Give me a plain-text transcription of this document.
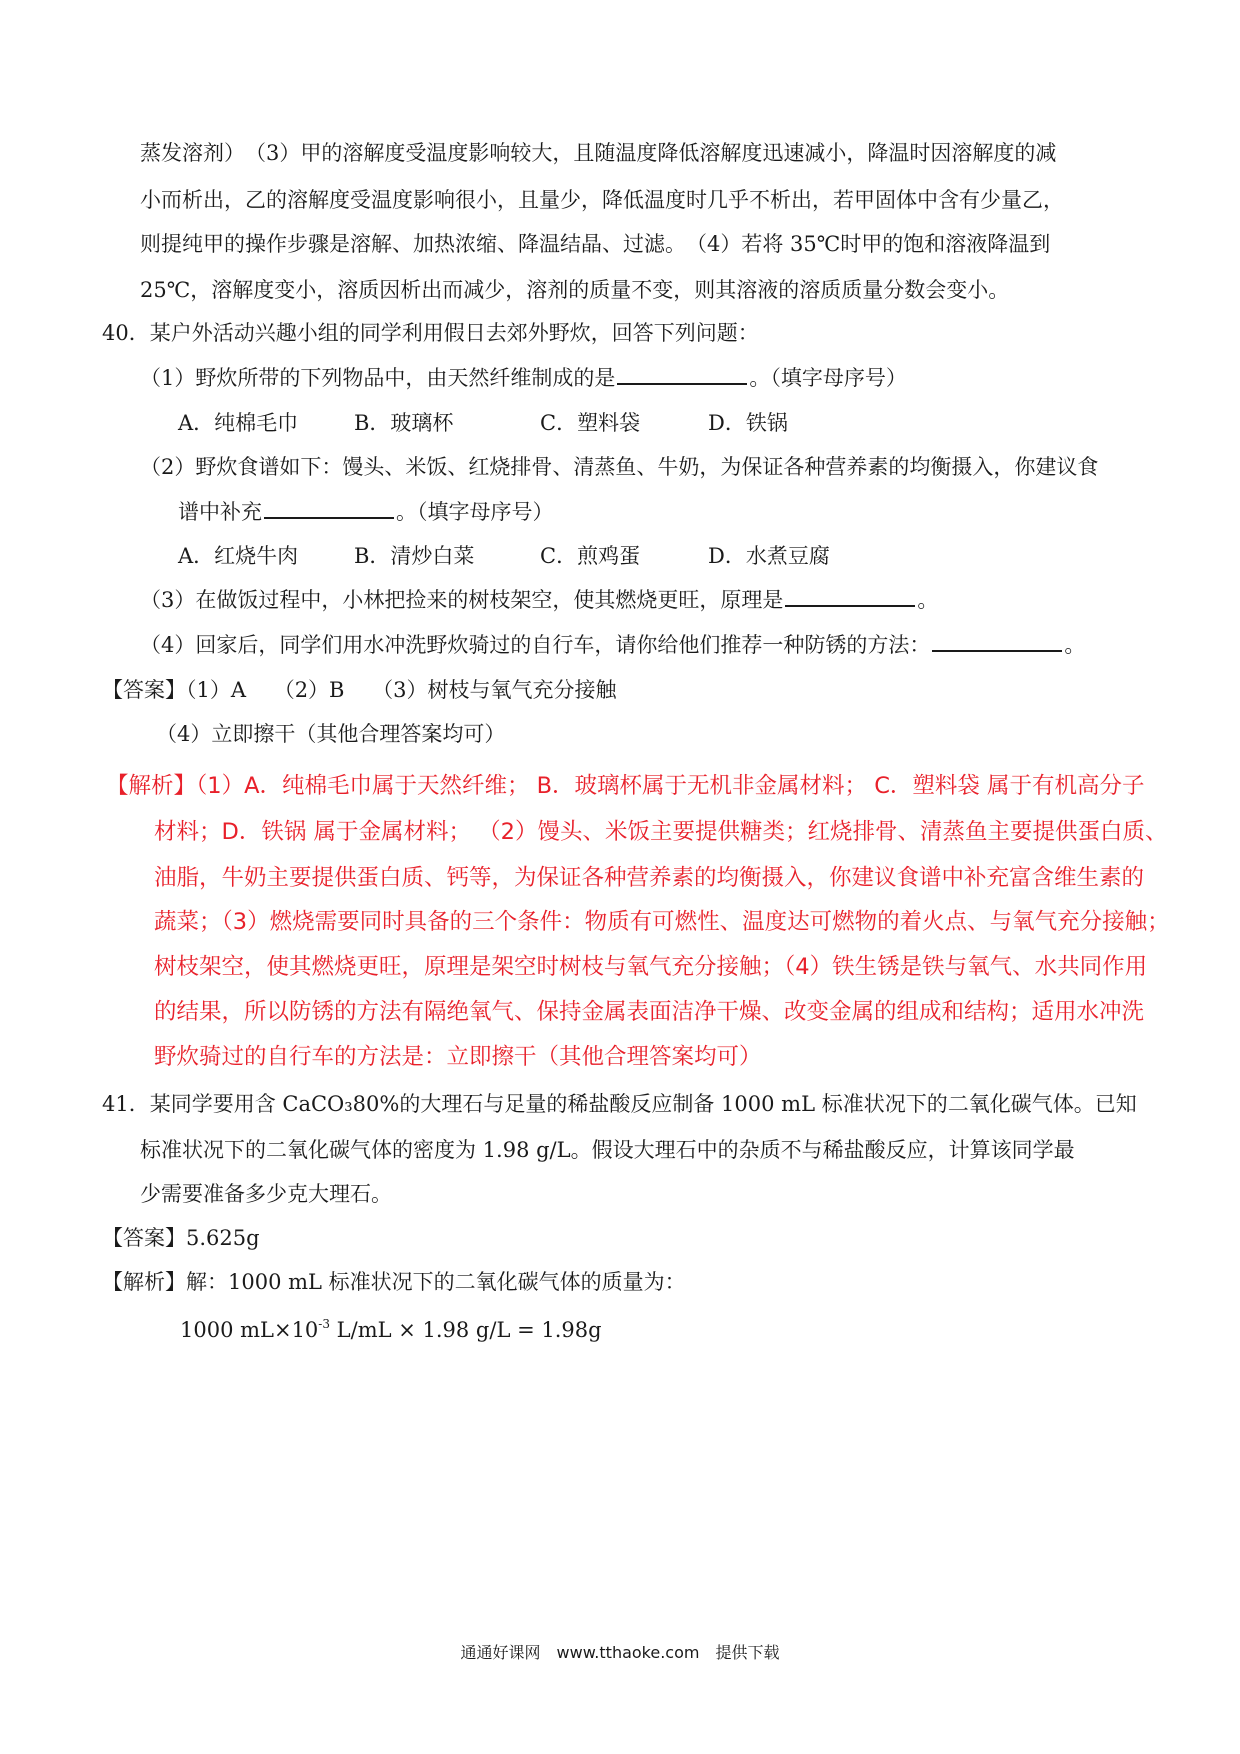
蒸发溶剂）　（3）甲的溶解度受温度影响较大，且随温度降低溶解度迅速减小，降温时因溶解度的减
小而析出，乙的溶解度受温度影响很小，且量少，降低温度时几乎不析出，若甲固体中含有少量乙，
则提纯甲的操作步骤是溶解、加热浓缩、降温结晶、过滤。　（4）若将 35℃时甲的饱和溶液降温到
25℃，溶解度变小，溶质因析出而减少，溶剂的质量不变，则其溶液的溶质质量分数会变小。
40．某户外活动兴趣小组的同学利用假日去郊外野炊，回答下列问题：
（1）野炊所带的下列物品中，由天然纤维制成的是	。（填字母序号）
A．纯棉毛巾	B．玻璃杯	C．塑料袋	D．铁锅
（2）野炊食谱如下：馒头、米饭、红烧排骨、清蒸鱼、牛奶，为保证各种营养素的均衡摄入，你建议食
谱中补充	。（填字母序号）
A．红烧牛肉	B．清炒白菜	C．煎鸡蛋	D．水煮豆腐
（3）在做饭过程中，小林把捡来的树枝架空，使其燃烧更旺，原理是	。
（4）回家后，同学们用水冲洗野炊骑过的自行车，请你给他们推荐一种防锈的方法：	。
【答案】（1）A　 （2）B　 （3）树枝与氧气充分接触
（4）立即擦干（其他合理答案均可）
【解析】（1）A．纯棉毛巾属于天然纤维； B．玻璃杯属于无机非金属材料； C．塑料袋 属于有机高分子
材料；D．铁锅 属于金属材料； （2）馒头、米饭主要提供糖类；红烧排骨、清蒸鱼主要提供蛋白质、
油脂，牛奶主要提供蛋白质、钙等，为保证各种营养素的均衡摄入，你建议食谱中补充富含维生素的
蔬菜；（3）燃烧需要同时具备的三个条件：物质有可燃性、温度达可燃物的着火点、与氧气充分接触；
树枝架空，使其燃烧更旺，原理是架空时树枝与氧气充分接触；（4）铁生锈是铁与氧气、水共同作用
的结果，所以防锈的方法有隔绝氧气、保持金属表面洁净干燥、改变金属的组成和结构；适用水冲洗
野炊骑过的自行车的方法是：立即擦干（其他合理答案均可）
41．某同学要用含 CaCO₃80%的大理石与足量的稀盐酸反应制备 1000 mL 标准状况下的二氧化碳气体。已知
标准状况下的二氧化碳气体的密度为 1.98 g/L。假设大理石中的杂质不与稀盐酸反应，计算该同学最
少需要准备多少克大理石。
【答案】5.625g
【解析】解：1000 mL 标准状况下的二氧化碳气体的质量为：
1000 $mL\times 10^{-3}$ L/mL × 1.98 g/L = 1.98g
通通好课网　www.tthaoke.com　提供下载
